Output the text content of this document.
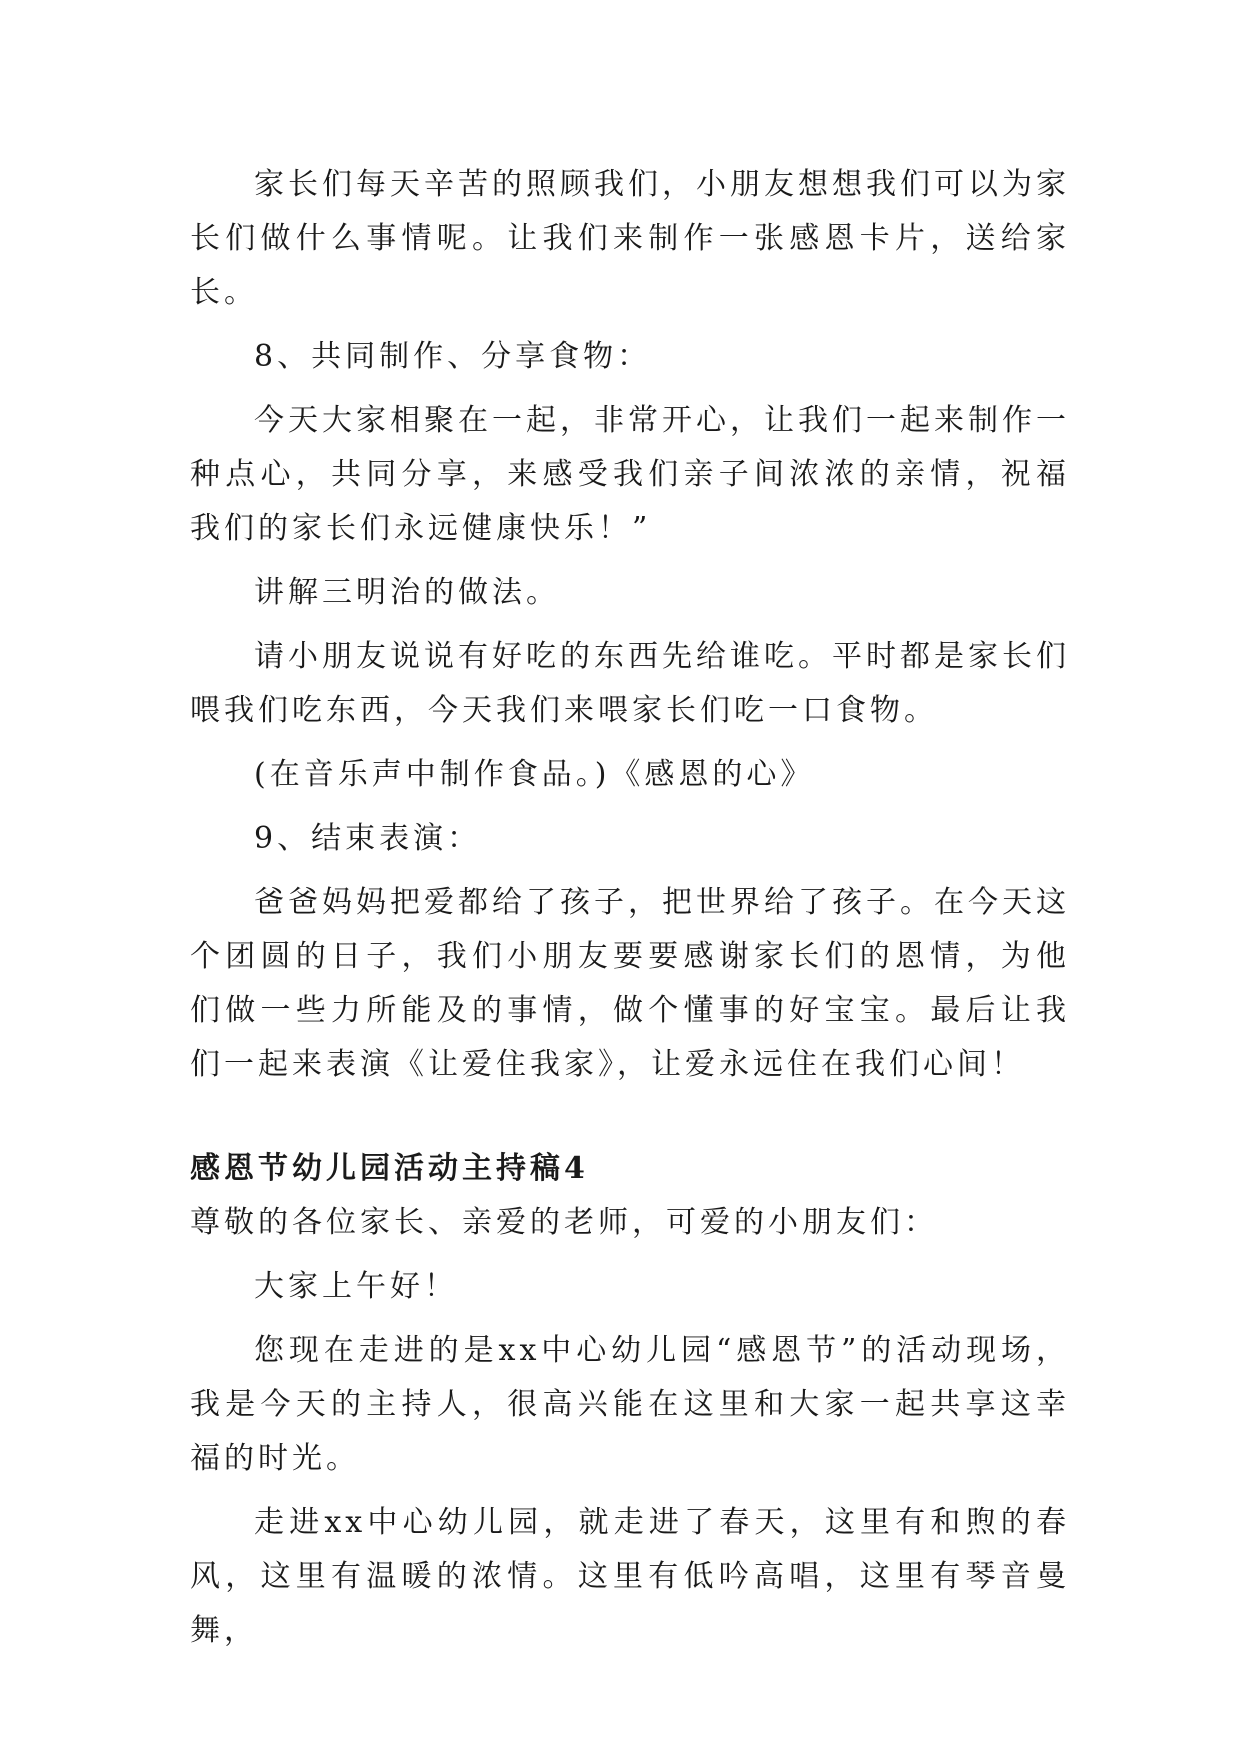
家长们每天辛苦的照顾我们，小朋友想想我们可以为家长们做什么事情呢。让我们来制作一张感恩卡片，送给家长。

8、共同制作、分享食物：

今天大家相聚在一起，非常开心，让我们一起来制作一种点心，共同分享，来感受我们亲子间浓浓的亲情，祝福我们的家长们永远健康快乐！”

讲解三明治的做法。

请小朋友说说有好吃的东西先给谁吃。平时都是家长们喂我们吃东西，今天我们来喂家长们吃一口食物。

(在音乐声中制作食品。)《感恩的心》

9、结束表演：

爸爸妈妈把爱都给了孩子，把世界给了孩子。在今天这个团圆的日子，我们小朋友要要感谢家长们的恩情，为他们做一些力所能及的事情，做个懂事的好宝宝。最后让我们一起来表演《让爱住我家》，让爱永远住在我们心间！

感恩节幼儿园活动主持稿4

尊敬的各位家长、亲爱的老师，可爱的小朋友们：

大家上午好！

您现在走进的是xx中心幼儿园“感恩节”的活动现场，我是今天的主持人，很高兴能在这里和大家一起共享这幸福的时光。

走进xx中心幼儿园，就走进了春天，这里有和煦的春风，这里有温暖的浓情。这里有低吟高唱，这里有琴音曼舞，
